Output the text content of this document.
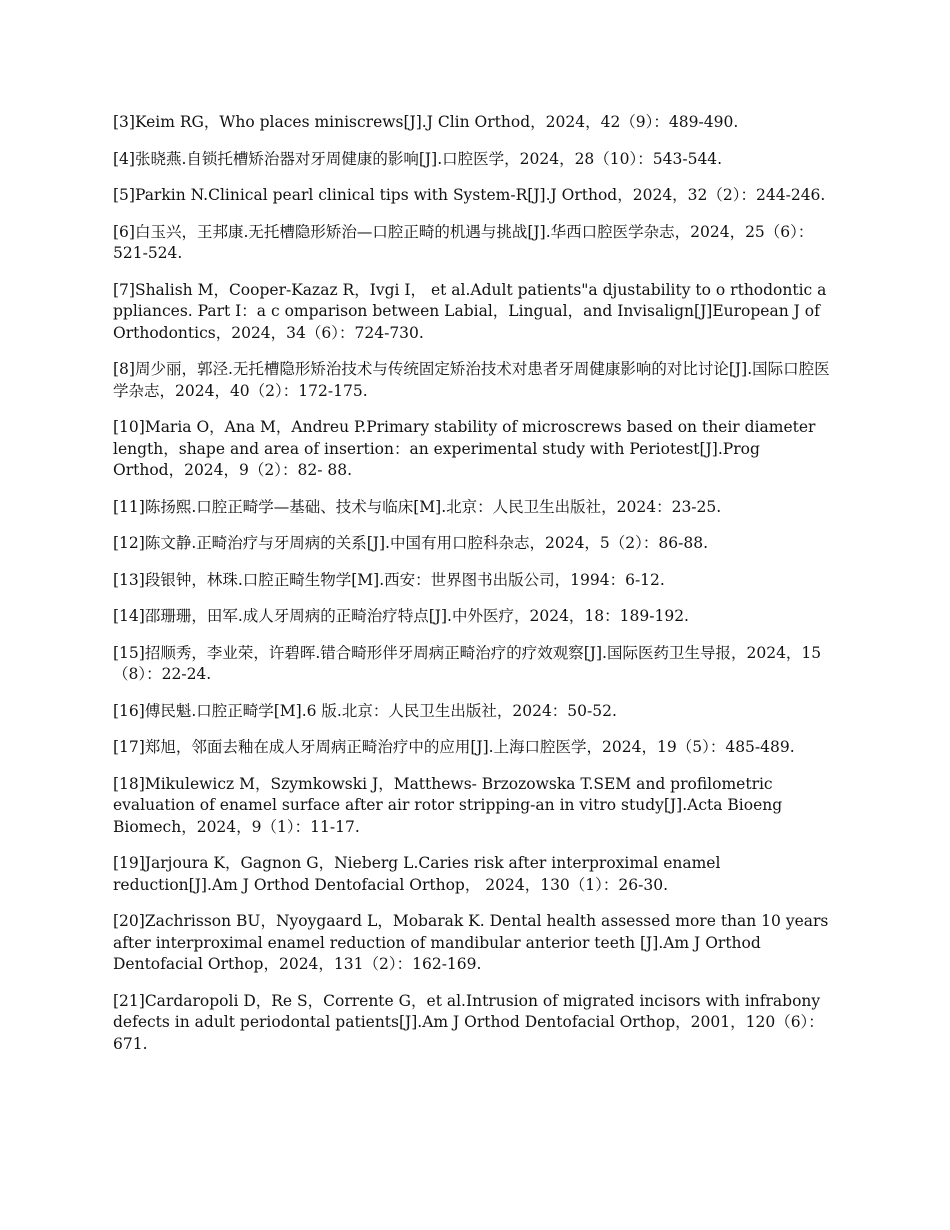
[3]Keim RG，Who places miniscrews[J].J Clin Orthod，2024，42（9）：489-490.
[4]张晓燕.自锁托槽矫治器对牙周健康的影响[J].口腔医学，2024，28（10）：543-544.
[5]Parkin N.Clinical pearl clinical tips with System-R[J].J Orthod，2024，32（2）：244-246.
[6]白玉兴，王邦康.无托槽隐形矫治—口腔正畸的机遇与挑战[J].华西口腔医学杂志，2024，25（6）：521-524.
[7]Shalish M，Cooper-Kazaz R，Ivgi I， et al.Adult patients"a djustability to o rthodontic a ppliances. Part I：a c omparison between Labial，Lingual，and Invisalign[J]European J of Orthodontics，2024，34（6）：724-730.
[8]周少丽，郭泾.无托槽隐形矫治技术与传统固定矫治技术对患者牙周健康影响的对比讨论[J].国际口腔医学杂志，2024，40（2）：172-175.
[10]Maria O，Ana M，Andreu P.Primary stability of microscrews based on their diameter length，shape and area of insertion：an experimental study with Periotest[J].Prog Orthod，2024，9（2）：82- 88.
[11]陈扬熙.口腔正畸学—基础、技术与临床[M].北京：人民卫生出版社，2024：23-25.
[12]陈文静.正畸治疗与牙周病的关系[J].中国有用口腔科杂志，2024，5（2）：86-88.
[13]段银钟，林珠.口腔正畸生物学[M].西安：世界图书出版公司，1994：6-12.
[14]邵珊珊，田军.成人牙周病的正畸治疗特点[J].中外医疗，2024，18：189-192.
[15]招顺秀，李业荣，许碧晖.错合畸形伴牙周病正畸治疗的疗效观察[J].国际医药卫生导报，2024，15（8）：22-24.
[16]傅民魁.口腔正畸学[M].6 版.北京：人民卫生出版社，2024：50-52.
[17]郑旭，邻面去釉在成人牙周病正畸治疗中的应用[J].上海口腔医学，2024，19（5）：485-489.
[18]Mikulewicz M，Szymkowski J，Matthews- Brzozowska T.SEM and profilometric evaluation of enamel surface after air rotor stripping-an in vitro study[J].Acta Bioeng Biomech，2024，9（1）：11-17.
[19]Jarjoura K，Gagnon G，Nieberg L.Caries risk after interproximal enamel reduction[J].Am J Orthod Dentofacial Orthop， 2024，130（1）：26-30.
[20]Zachrisson BU，Nyoygaard L，Mobarak K. Dental health assessed more than 10 years after interproximal enamel reduction of mandibular anterior teeth [J].Am J Orthod Dentofacial Orthop，2024，131（2）：162-169.
[21]Cardaropoli D，Re S，Corrente G，et al.Intrusion of migrated incisors with infrabony defects in adult periodontal patients[J].Am J Orthod Dentofacial Orthop，2001，120（6）：671.
